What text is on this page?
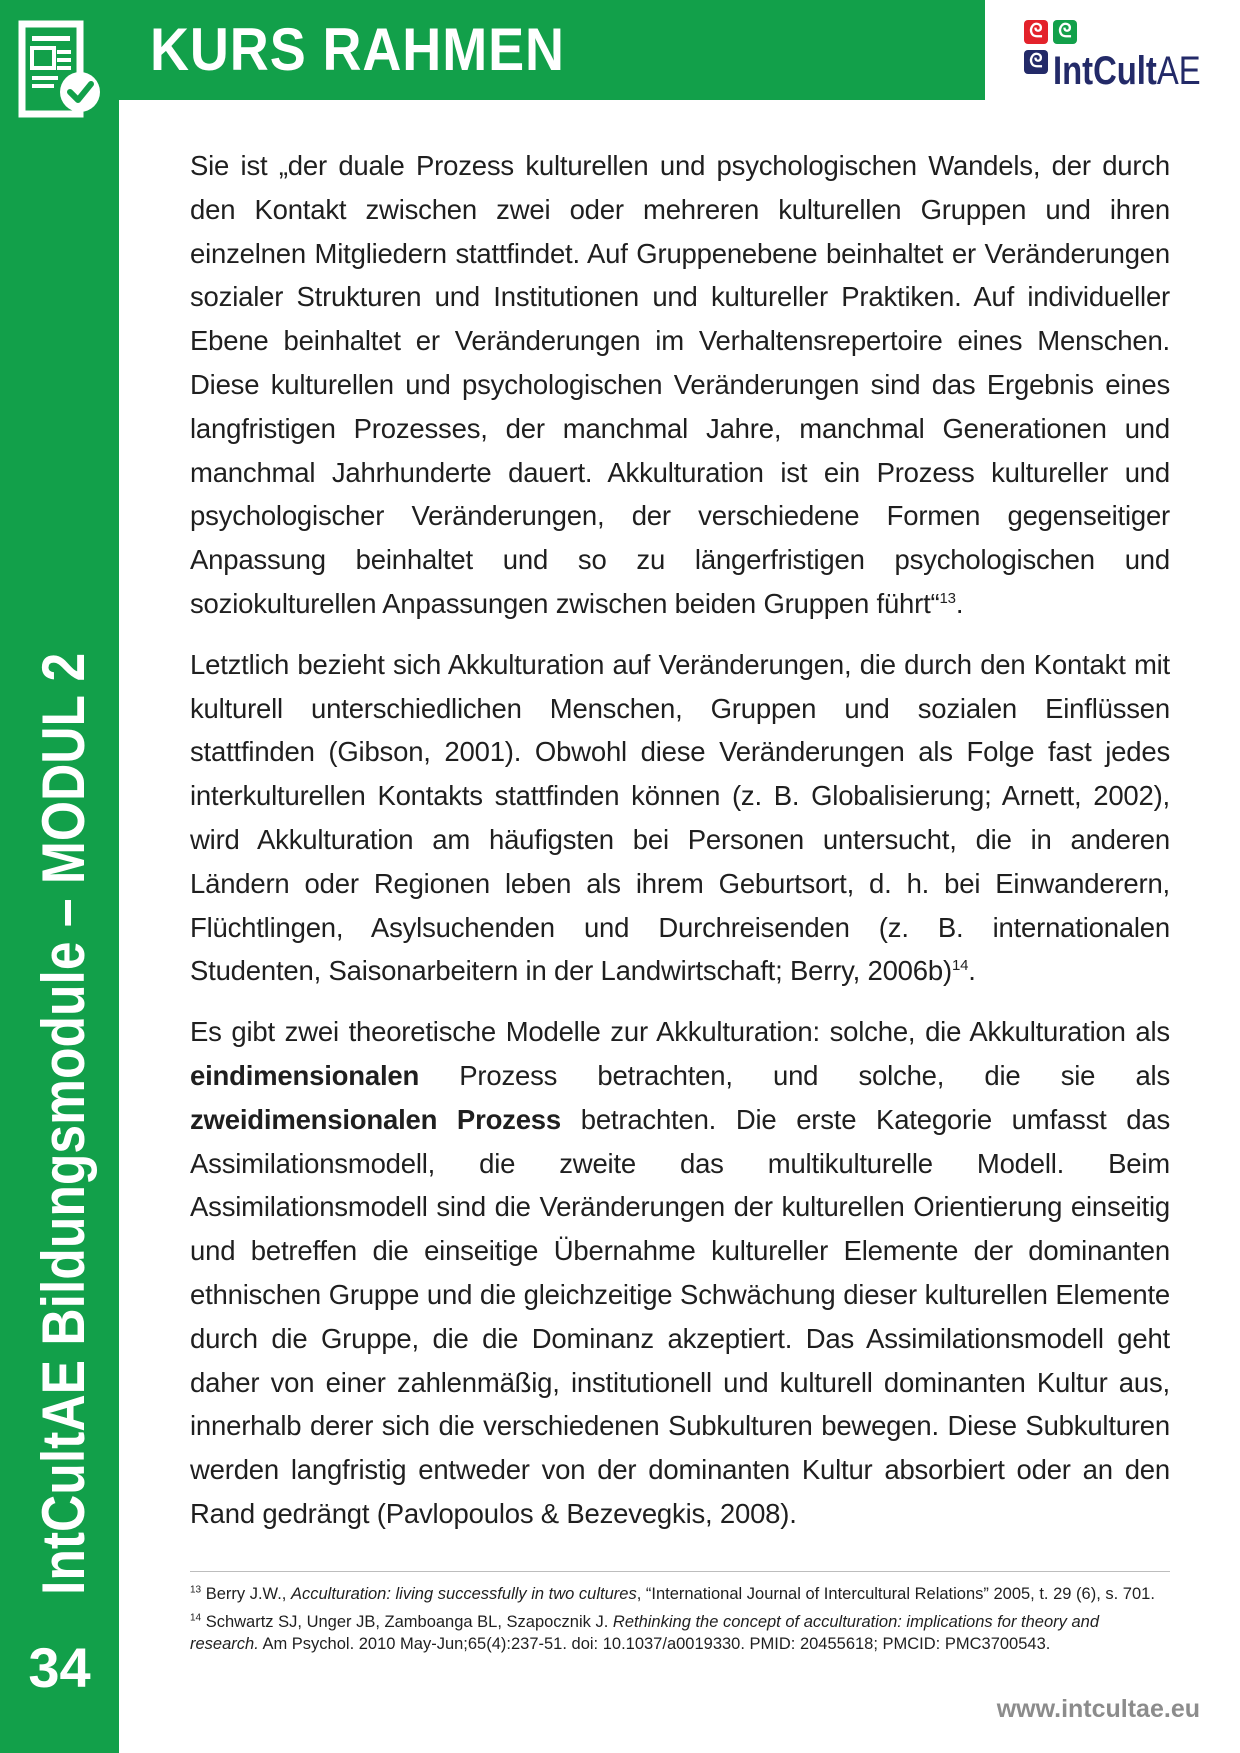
IntCultAE Bildungsmodule – MODUL 2
34
KURS RAHMEN	ᘓ ᘓ
ᘓ IntCultAE

Sie ist „der duale Prozess kulturellen und psychologischen Wandels, der durch den Kontakt zwischen zwei oder mehreren kulturellen Gruppen und ihren einzelnen Mitgliedern stattfindet. Auf Gruppenebene beinhaltet er Veränderungen sozialer Strukturen und Institutionen und kultureller Praktiken. Auf individueller Ebene beinhaltet er Veränderungen im Verhaltensrepertoire eines Menschen. Diese kulturellen und psychologischen Veränderungen sind das Ergebnis eines langfristigen Prozesses, der manchmal Jahre, manchmal Generationen und manchmal Jahrhunderte dauert. Akkulturation ist ein Prozess kultureller und psychologischer Veränderungen, der verschiedene Formen gegenseitiger Anpassung beinhaltet und so zu längerfristigen psychologischen und soziokulturellen Anpassungen zwischen beiden Gruppen führt“$^{13}$.

Letztlich bezieht sich Akkulturation auf Veränderungen, die durch den Kontakt mit kulturell unterschiedlichen Menschen, Gruppen und sozialen Einflüssen stattfinden (Gibson, 2001). Obwohl diese Veränderungen als Folge fast jedes interkulturellen Kontakts stattfinden können (z. B. Globalisierung; Arnett, 2002), wird Akkulturation am häufigsten bei Personen untersucht, die in anderen Ländern oder Regionen leben als ihrem Geburtsort, d. h. bei Einwanderern, Flüchtlingen, Asylsuchenden und Durchreisenden (z. B. internationalen Studenten, Saisonarbeitern in der Landwirtschaft; Berry, 2006b)$^{14}$.

Es gibt zwei theoretische Modelle zur Akkulturation: solche, die Akkulturation als eindimensionalen Prozess betrachten, und solche, die sie als zweidimensionalen Prozess betrachten. Die erste Kategorie umfasst das Assimilationsmodell, die zweite das multikulturelle Modell. Beim Assimilationsmodell sind die Veränderungen der kulturellen Orientierung einseitig und betreffen die einseitige Übernahme kultureller Elemente der dominanten ethnischen Gruppe und die gleichzeitige Schwächung dieser kulturellen Elemente durch die Gruppe, die die Dominanz akzeptiert. Das Assimilationsmodell geht daher von einer zahlenmäßig, institutionell und kulturell dominanten Kultur aus, innerhalb derer sich die verschiedenen Subkulturen bewegen. Diese Subkulturen werden langfristig entweder von der dominanten Kultur absorbiert oder an den Rand gedrängt (Pavlopoulos & Bezevegkis, 2008).

$^{13}$ Berry J.W., Acculturation: living successfully in two cultures, “International Journal of Intercultural Relations” 2005, t. 29 (6), s. 701.

$^{14}$ Schwartz SJ, Unger JB, Zamboanga BL, Szapocznik J. Rethinking the concept of acculturation: implications for theory and research. Am Psychol. 2010 May-Jun;65(4):237-51. doi: 10.1037/a0019330. PMID: 20455618; PMCID: PMC3700543.

www.intcultae.eu
